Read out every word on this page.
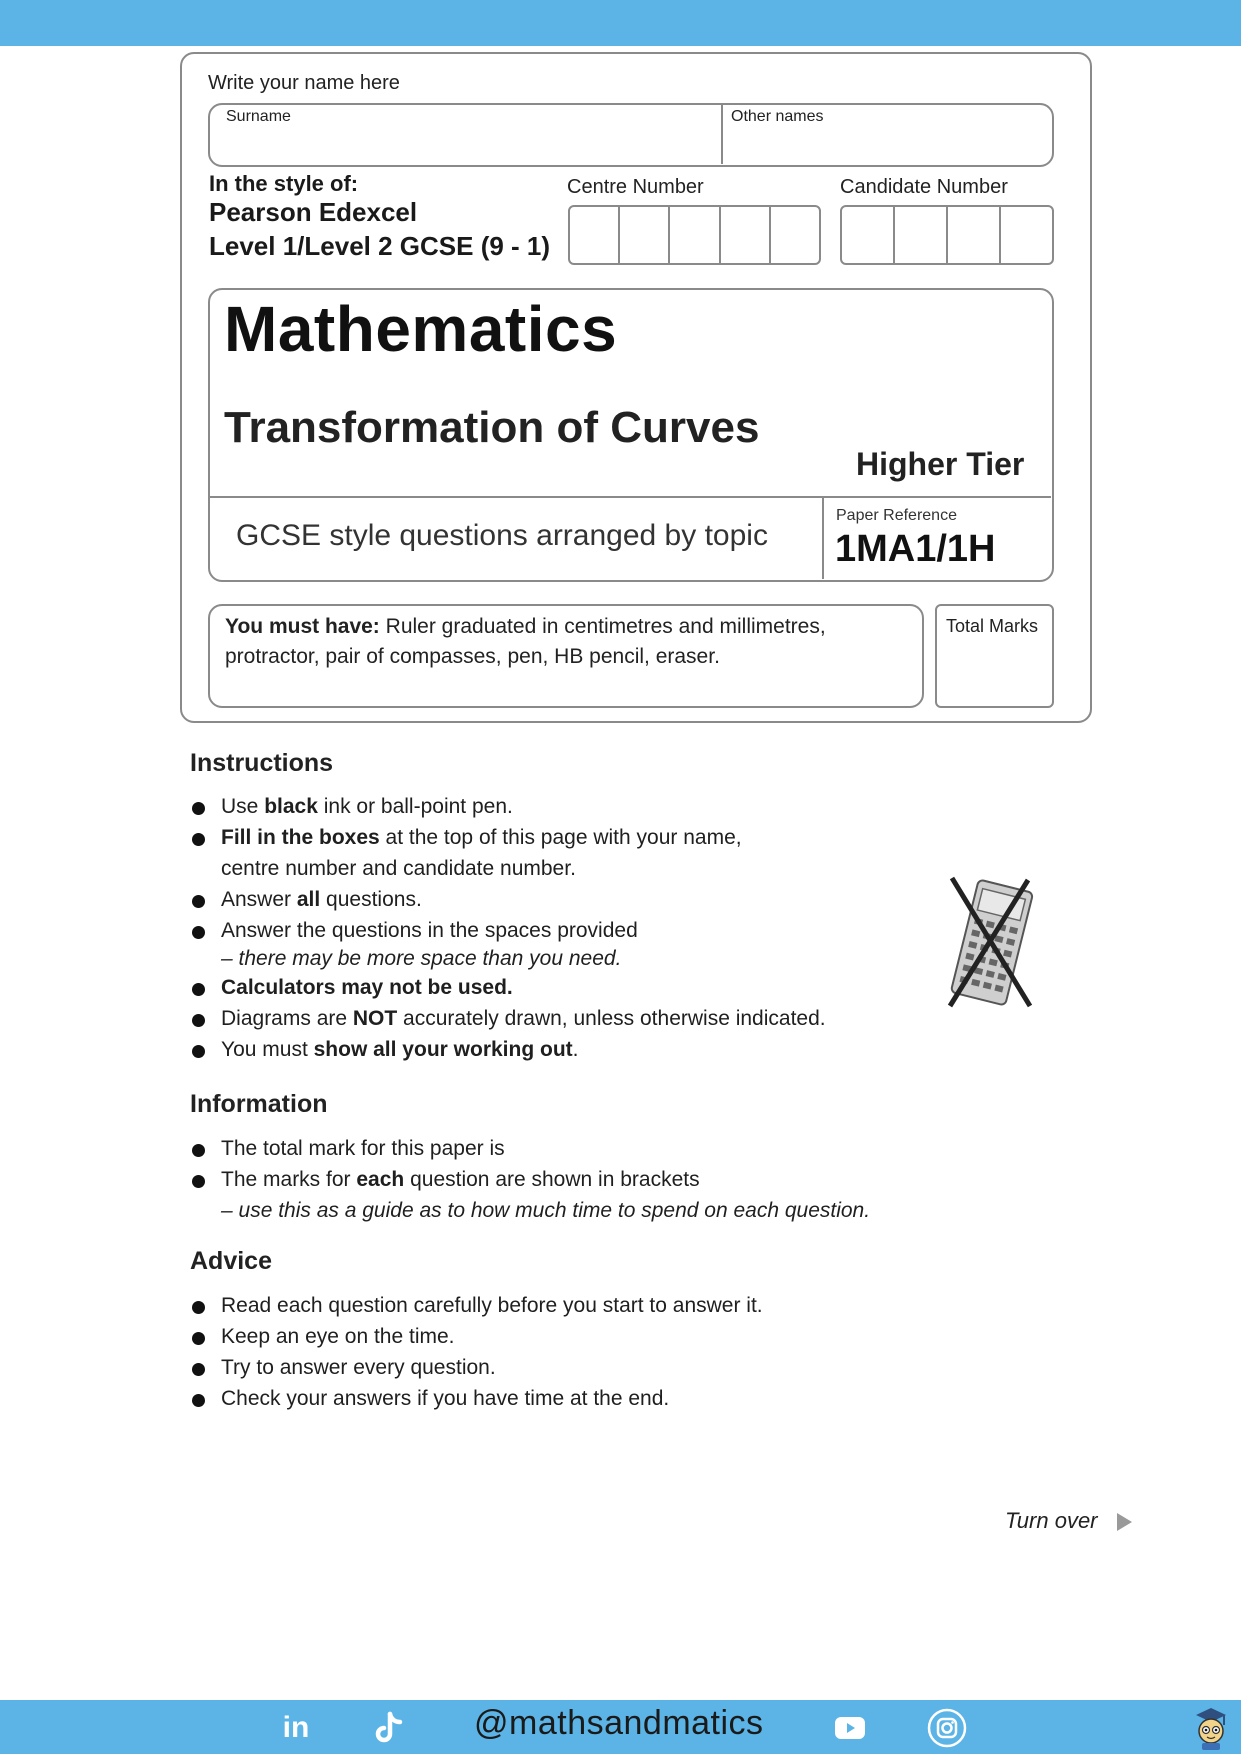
Write your name here
Surname	Other names
In the style of:
Pearson Edexcel
Level 1/Level 2 GCSE (9 - 1)
Centre Number	Candidate Number
Mathematics
Transformation of Curves
Higher Tier
GCSE style questions arranged by topic
Paper Reference
1MA1/1H
You must have: Ruler graduated in centimetres and millimetres, protractor, pair of compasses, pen, HB pencil, eraser.
Total Marks
Instructions
Use black ink or ball-point pen.
Fill in the boxes at the top of this page with your name,
centre number and candidate number.
Answer all questions.
Answer the questions in the spaces provided
– there may be more space than you need.
Calculators may not be used.
Diagrams are NOT accurately drawn, unless otherwise indicated.
You must show all your working out.
Information
The total mark for this paper is
The marks for each question are shown in brackets
– use this as a guide as to how much time to spend on each question.
Advice
Read each question carefully before you start to answer it.
Keep an eye on the time.
Try to answer every question.
Check your answers if you have time at the end.
Turn over
in	@mathsandmatics
